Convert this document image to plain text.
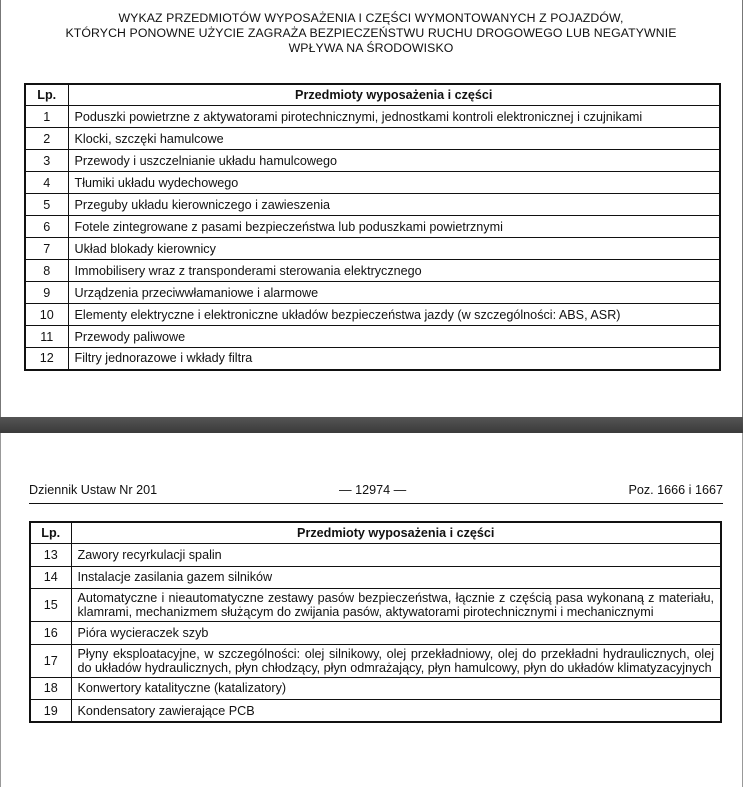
WYKAZ PRZEDMIOTÓW WYPOSAŻENIA I CZĘŚCI WYMONTOWANYCH Z POJAZDÓW,
KTÓRYCH PONOWNE UŻYCIE ZAGRAŻA BEZPIECZEŃSTWU RUCHU DROGOWEGO LUB NEGATYWNIE
WPŁYWA NA ŚRODOWISKO
Lp.	Przedmioty wyposażenia i części
1	Poduszki powietrzne z aktywatorami pirotechnicznymi, jednostkami kontroli elektronicznej i czujnikami
2	Klocki, szczęki hamulcowe
3	Przewody i uszczelnianie układu hamulcowego
4	Tłumiki układu wydechowego
5	Przeguby układu kierowniczego i zawieszenia
6	Fotele zintegrowane z pasami bezpieczeństwa lub poduszkami powietrznymi
7	Układ blokady kierownicy
8	Immobilisery wraz z transponderami sterowania elektrycznego
9	Urządzenia przeciwwłamaniowe i alarmowe
10	Elementy elektryczne i elektroniczne układów bezpieczeństwa jazdy (w szczególności: ABS, ASR)
11	Przewody paliwowe
12	Filtry jednorazowe i wkłady filtra
Dziennik Ustaw Nr 201	— 12974 —	Poz. 1666 i 1667
Lp.	Przedmioty wyposażenia i części
13	Zawory recyrkulacji spalin
14	Instalacje zasilania gazem silników
15	Automatyczne i nieautomatyczne zestawy pasów bezpieczeństwa, łącznie z częścią pasa wykonaną z materiału, klamrami, mechanizmem służącym do zwijania pasów, aktywatorami pirotechnicznymi i mechanicznymi
16	Pióra wycieraczek szyb
17	Płyny eksploatacyjne, w szczególności: olej silnikowy, olej przekładniowy, olej do przekładni hydraulicznych, olej do układów hydraulicznych, płyn chłodzący, płyn odmrażający, płyn hamulcowy, płyn do układów klimatyzacyjnych
18	Konwertory katalityczne (katalizatory)
19	Kondensatory zawierające PCB
